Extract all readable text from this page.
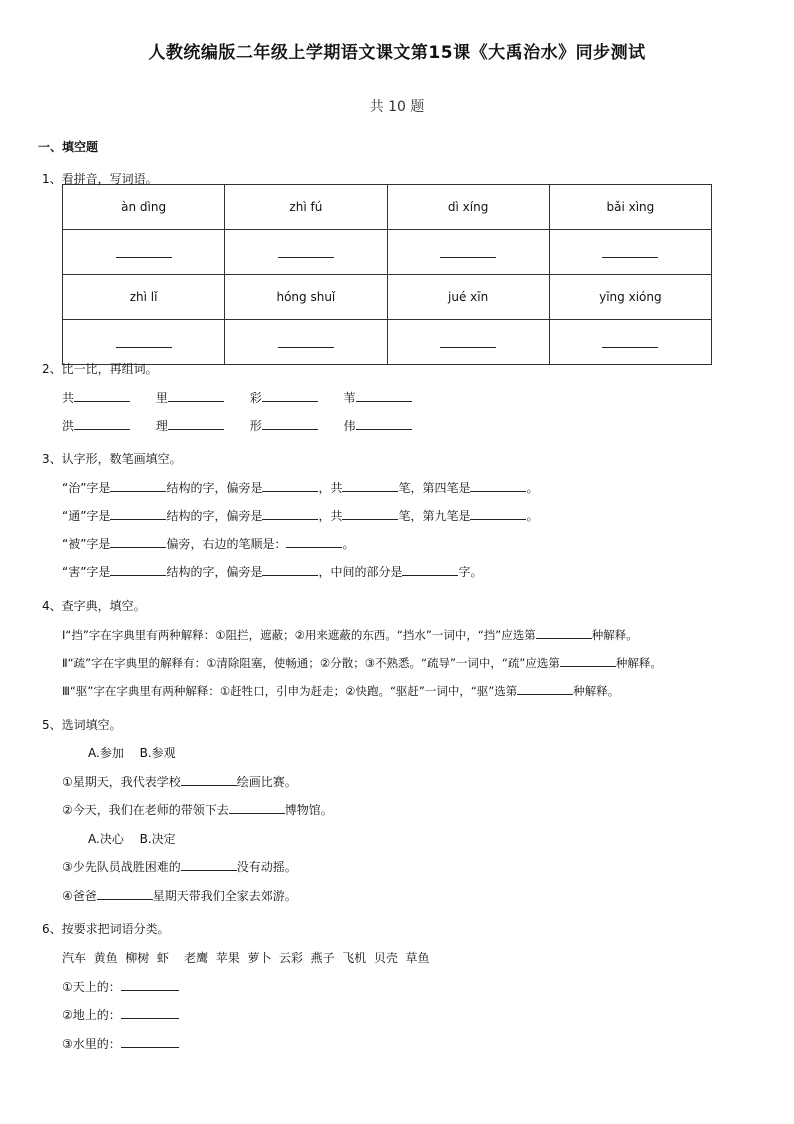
人教统编版二年级上学期语文课文第15课《大禹治水》同步测试
共 10 题
一、填空题
1、看拼音，写词语。
àn dìng	zhì fú	dì xíng	bǎi xìng

zhì lǐ	hóng shuǐ	jué xīn	yīng xióng

2、比一比，再组词。
共	里	彩	苇
洪	理	形	伟
3、认字形，数笔画填空。
“治”字是	结构的字，偏旁是	，共	笔，第四笔是	。
“通”字是	结构的字，偏旁是	，共	笔，第九笔是	。
“被”字是	偏旁，右边的笔顺是：	。
“害”字是	结构的字，偏旁是	，中间的部分是	字。
4、查字典，填空。
Ⅰ“挡”字在字典里有两种解释：①阻拦，遮蔽；②用来遮蔽的东西。“挡水”一词中，“挡”应选第	种解释。
Ⅱ“疏”字在字典里的解释有：①清除阻塞，使畅通；②分散；③不熟悉。“疏导”一词中，“疏”应选第	种解释。
Ⅲ“驱”字在字典里有两种解释：①赶牲口，引申为赶走；②快跑。“驱赶”一词中，“驱”选第	种解释。
5、选词填空。
A.参加　 B.参观
①星期天，我代表学校	绘画比赛。
②今天，我们在老师的带领下去	博物馆。
A.决心　 B.决定
③少先队员战胜困难的	没有动摇。
④爸爸	星期天带我们全家去郊游。
6、按要求把词语分类。
汽车  黄鱼  柳树  虾    老鹰  苹果  萝卜  云彩  燕子  飞机  贝壳  草鱼
①天上的：
②地上的：
③水里的：
